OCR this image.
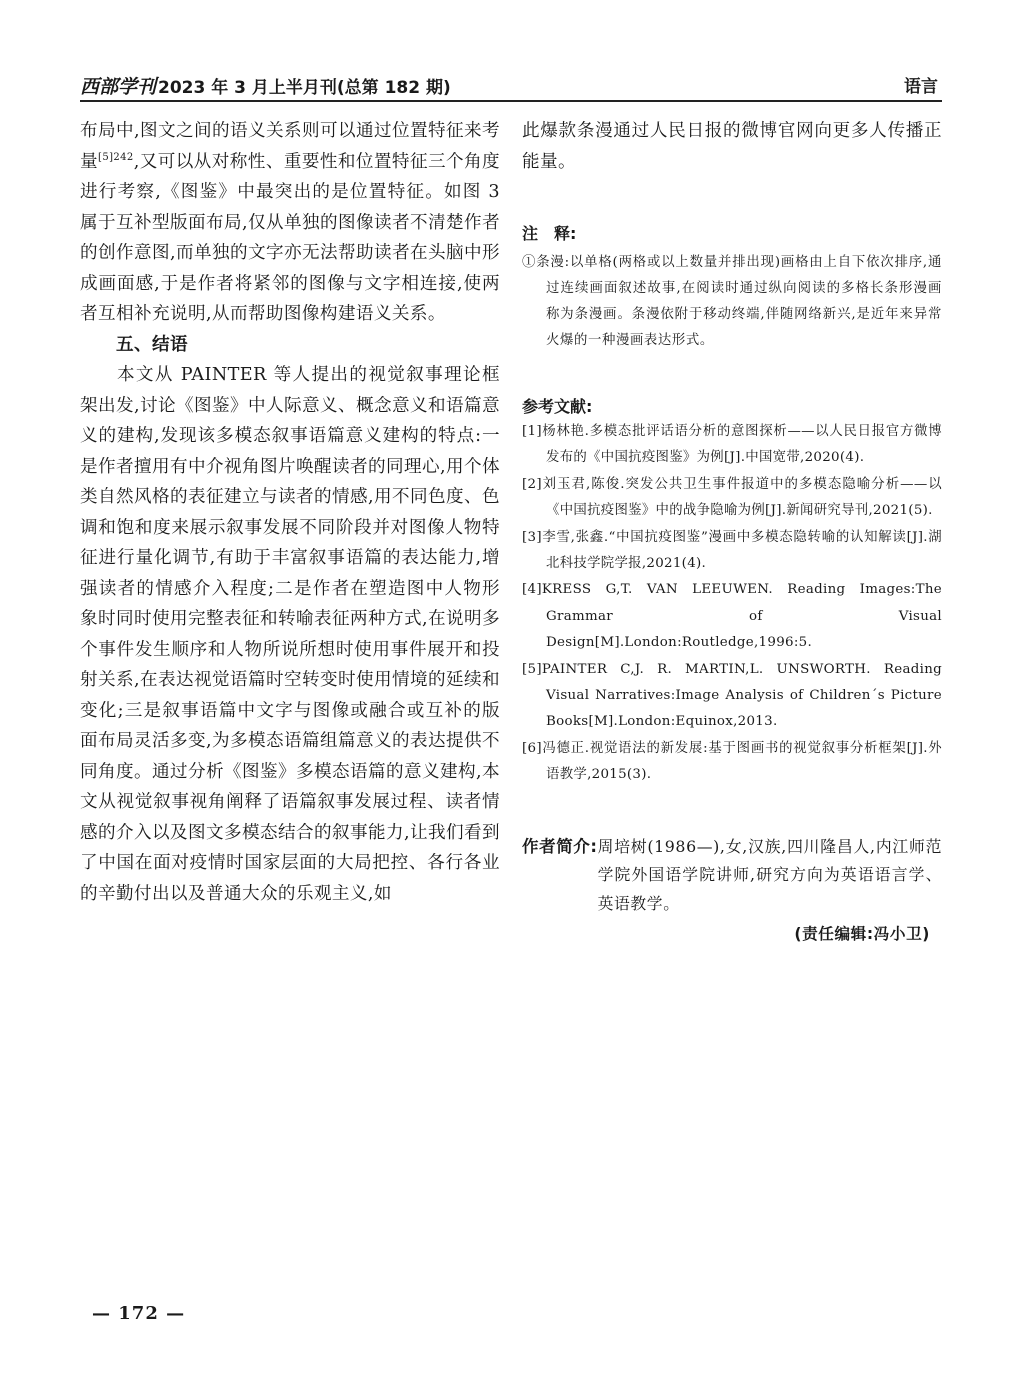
西部学刊 2023 年 3 月上半月刊(总第 182 期)	语言

布局中,图文之间的语义关系则可以通过位置特征来考量$^{[5]242}$,又可以从对称性、重要性和位置特征三个角度进行考察,《图鉴》中最突出的是位置特征。如图 3 属于互补型版面布局,仅从单独的图像读者不清楚作者的创作意图,而单独的文字亦无法帮助读者在头脑中形成画面感,于是作者将紧邻的图像与文字相连接,使两者互相补充说明,从而帮助图像构建语义关系。

五、结语

本文从 PAINTER 等人提出的视觉叙事理论框架出发,讨论《图鉴》中人际意义、概念意义和语篇意义的建构,发现该多模态叙事语篇意义建构的特点:一是作者擅用有中介视角图片唤醒读者的同理心,用个体类自然风格的表征建立与读者的情感,用不同色度、色调和饱和度来展示叙事发展不同阶段并对图像人物特征进行量化调节,有助于丰富叙事语篇的表达能力,增强读者的情感介入程度;二是作者在塑造图中人物形象时同时使用完整表征和转喻表征两种方式,在说明多个事件发生顺序和人物所说所想时使用事件展开和投射关系,在表达视觉语篇时空转变时使用情境的延续和变化;三是叙事语篇中文字与图像或融合或互补的版面布局灵活多变,为多模态语篇组篇意义的表达提供不同角度。通过分析《图鉴》多模态语篇的意义建构,本文从视觉叙事视角阐释了语篇叙事发展过程、读者情感的介入以及图文多模态结合的叙事能力,让我们看到了中国在面对疫情时国家层面的大局把控、各行各业的辛勤付出以及普通大众的乐观主义,如

此爆款条漫通过人民日报的微博官网向更多人传播正能量。

注　释:

①条漫:以单格(两格或以上数量并排出现)画格由上自下依次排序,通过连续画面叙述故事,在阅读时通过纵向阅读的多格长条形漫画称为条漫画。条漫依附于移动终端,伴随网络新兴,是近年来异常火爆的一种漫画表达形式。

参考文献:

[1]杨林艳.多模态批评话语分析的意图探析——以人民日报官方微博发布的《中国抗疫图鉴》为例[J].中国宽带,2020(4).

[2]刘玉君,陈俊.突发公共卫生事件报道中的多模态隐喻分析——以《中国抗疫图鉴》中的战争隐喻为例[J].新闻研究导刊,2021(5).

[3]李雪,张鑫.“中国抗疫图鉴”漫画中多模态隐转喻的认知解读[J].湖北科技学院学报,2021(4).

[4]KRESS G,T. VAN LEEUWEN. Reading Images:The Grammar of Visual Design[M].London:Routledge,1996:5.

[5]PAINTER C,J. R. MARTIN,L. UNSWORTH. Reading Visual Narratives:Image Analysis of Children´s Picture Books[M].London:Equinox,2013.

[6]冯德正.视觉语法的新发展:基于图画书的视觉叙事分析框架[J].外语教学,2015(3).

作者简介: 周培树(1986—),女,汉族,四川隆昌人,内江师范学院外国语学院讲师,研究方向为英语语言学、英语教学。
(责任编辑:冯小卫)
— 172 —
